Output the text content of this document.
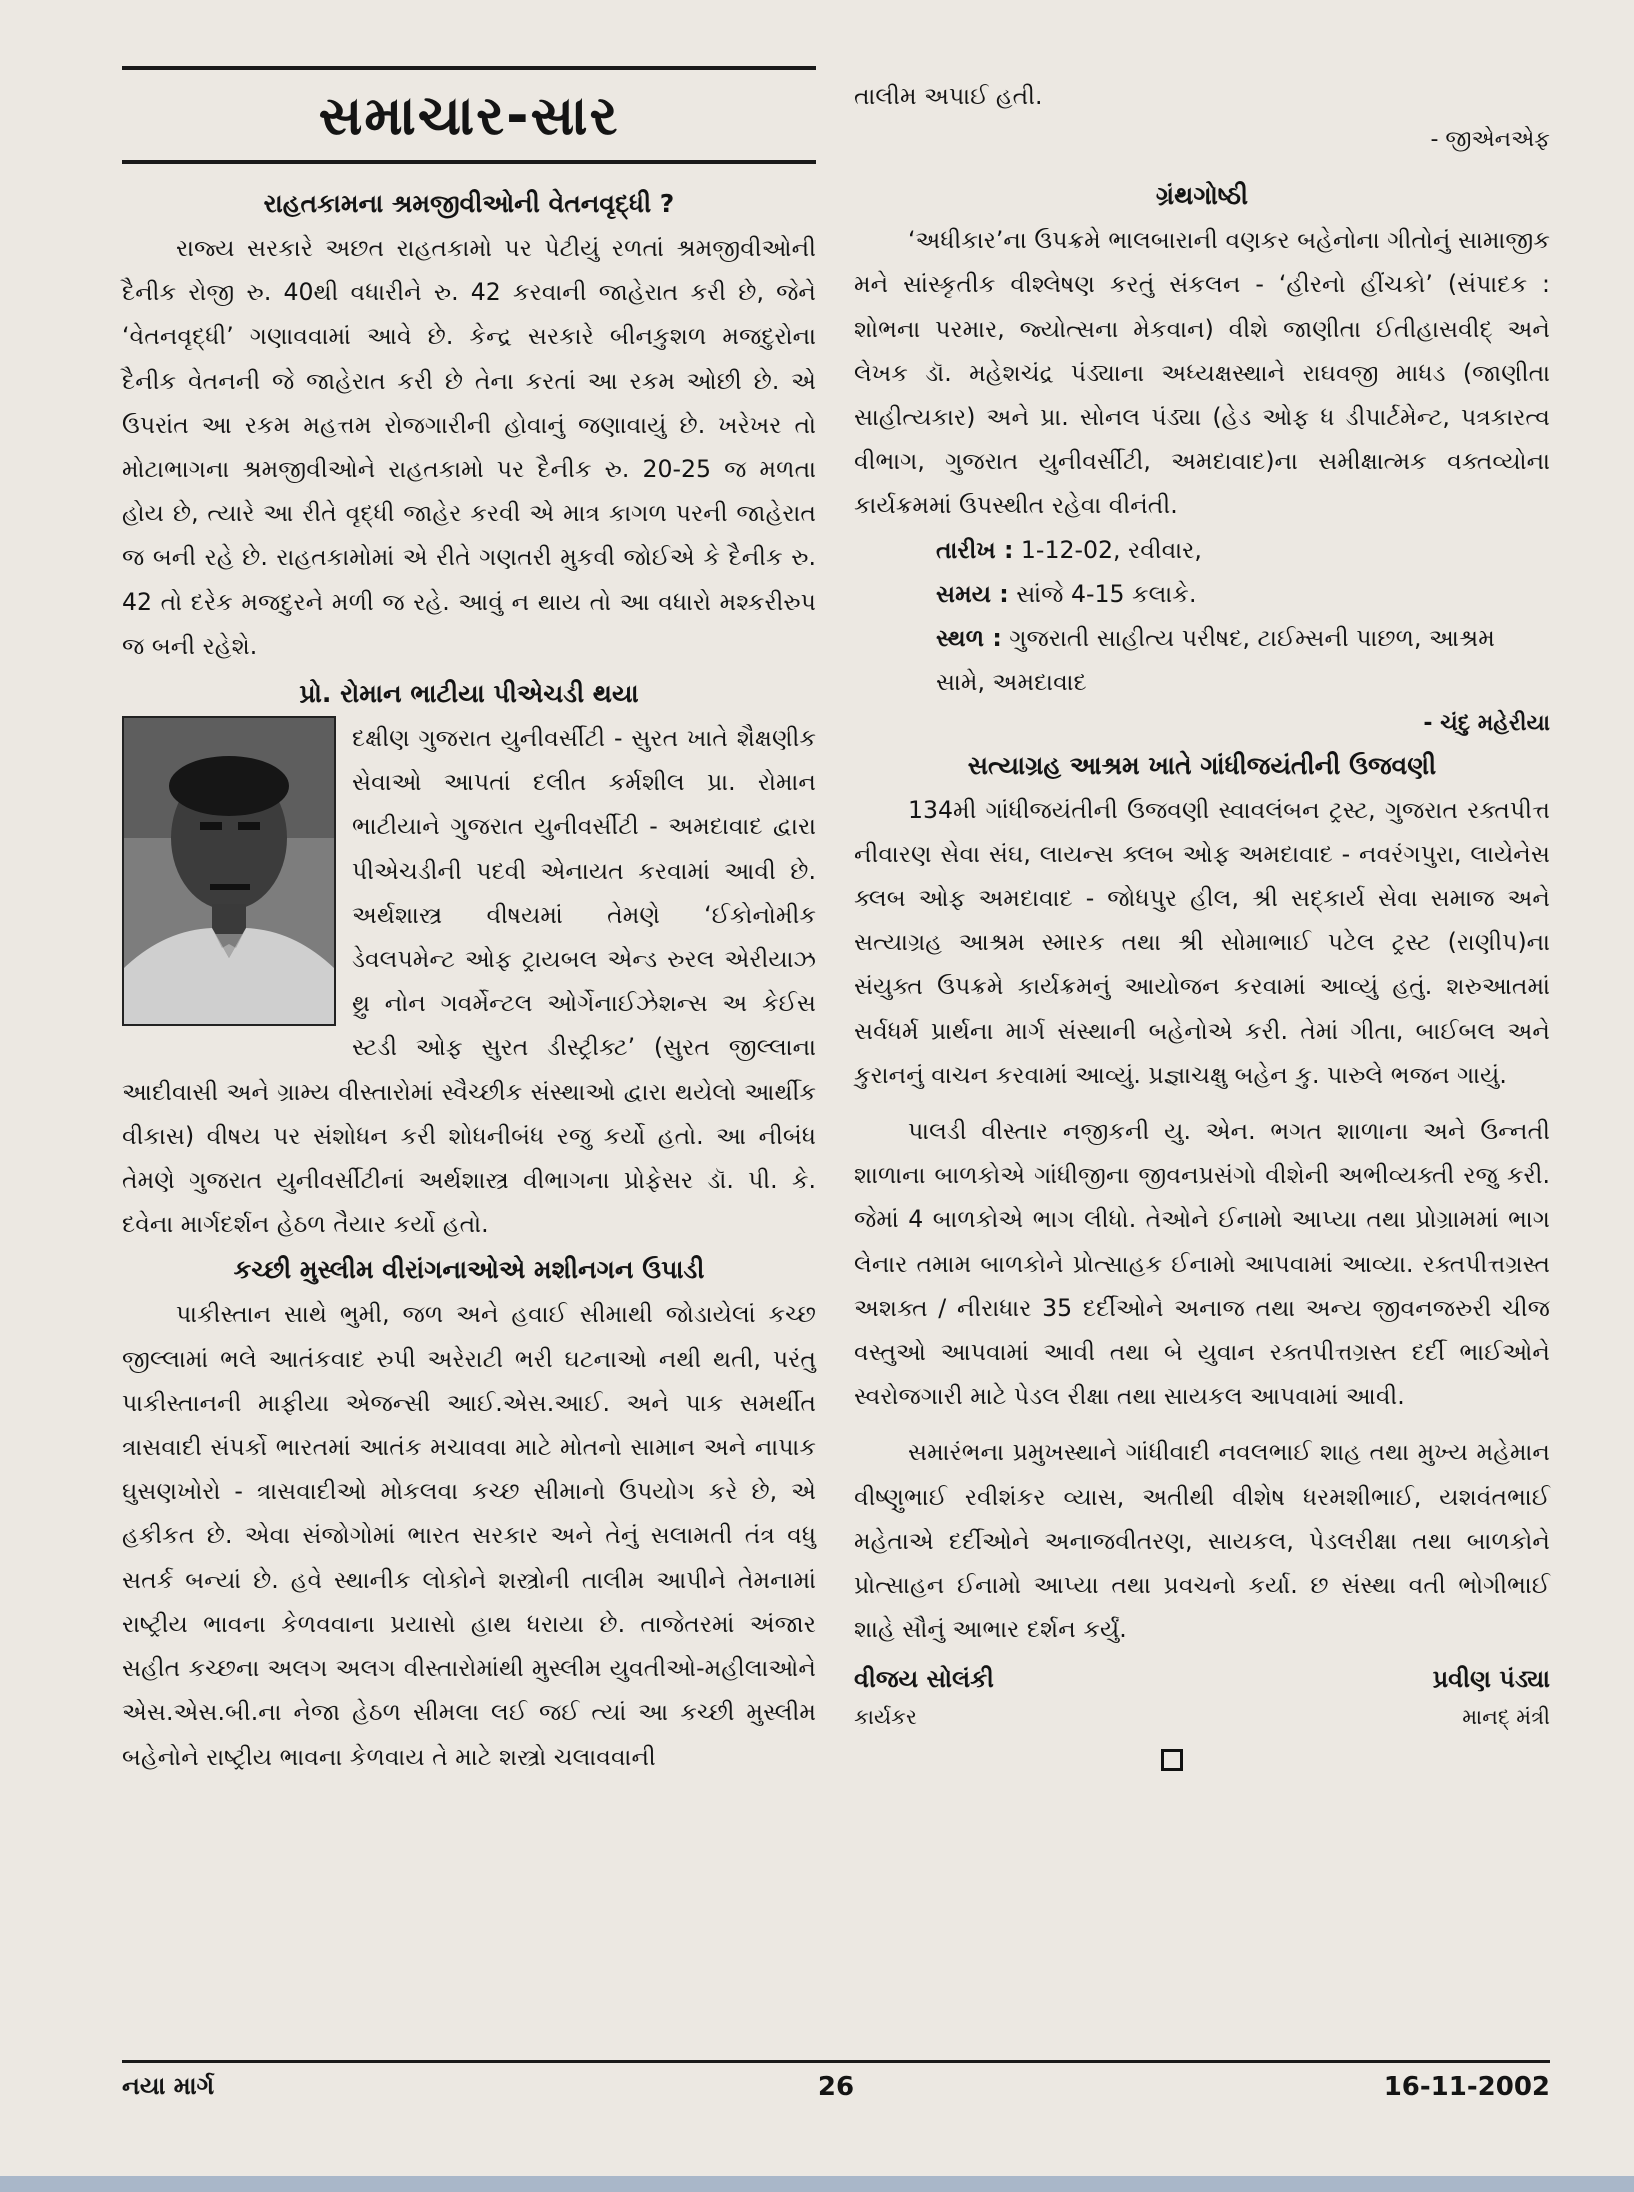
સમાચાર-સાર
રાહતકામના શ્રમજીવીઓની વેતનવૃદ્ધી ?

રાજ્ય સરકારે અછત રાહતકામો પર પેટીયું રળતાં શ્રમજીવીઓની દૈનીક રોજી રુ. 40થી વધારીને રુ. 42 કરવાની જાહેરાત કરી છે, જેને ‘વેતનવૃદ્ધી’ ગણાવવામાં આવે છે. કેન્દ્ર સરકારે બીનકુશળ મજદુરોના દૈનીક વેતનની જે જાહેરાત કરી છે તેના કરતાં આ રકમ ઓછી છે. એ ઉપરાંત આ રકમ મહત્તમ રોજગારીની હોવાનું જણાવાયું છે. ખરેખર તો મોટાભાગના શ્રમજીવીઓને રાહતકામો પર દૈનીક રુ. 20-25 જ મળતા હોય છે, ત્યારે આ રીતે વૃદ્ધી જાહેર કરવી એ માત્ર કાગળ પરની જાહેરાત જ બની રહે છે. રાહતકામોમાં એ રીતે ગણતરી મુકવી જોઈએ કે દૈનીક રુ. 42 તો દરેક મજદુરને મળી જ રહે. આવું ન થાય તો આ વધારો મશ્કરીરુપ જ બની રહેશે.

પ્રો. રોમાન ભાટીયા પીએચડી થયા

દક્ષીણ ગુજરાત યુનીવર્સીટી - સુરત ખાતે શૈક્ષણીક સેવાઓ આપતાં દલીત કર્મશીલ પ્રા. રોમાન ભાટીયાને ગુજરાત યુનીવર્સીટી - અમદાવાદ દ્વારા પીએચડીની પદવી એનાયત કરવામાં આવી છે. અર્થશાસ્ત્ર વીષયમાં તેમણે ‘ઈકોનોમીક ડેવલપમેન્ટ ઓફ ટ્રાયબલ એન્ડ રુરલ એરીયાઝ થ્રુ નોન ગવર્મેન્ટલ ઓર્ગેનાઈઝેશન્સ અ કેઈસ સ્ટડી ઓફ સુરત ડીસ્ટ્રીક્ટ’ (સુરત જીલ્લાના આદીવાસી અને ગ્રામ્ય વીસ્તારોમાં સ્વૈચ્છીક સંસ્થાઓ દ્વારા થયેલો આર્થીક વીકાસ) વીષય પર સંશોધન કરી શોધનીબંધ રજુ કર્યો હતો. આ નીબંધ તેમણે ગુજરાત યુનીવર્સીટીનાં અર્થશાસ્ત્ર વીભાગના પ્રોફેસર ડૉ. પી. કે. દવેના માર્ગદર્શન હેઠળ તૈયાર કર્યો હતો.

કચ્છી મુસ્લીમ વીરાંગનાઓએ મશીનગન ઉપાડી

પાકીસ્તાન સાથે ભુમી, જળ અને હવાઈ સીમાથી જોડાયેલાં કચ્છ જીલ્લામાં ભલે આતંકવાદ રુપી અરેરાટી ભરી ઘટનાઓ નથી થતી, પરંતુ પાકીસ્તાનની માફીયા એજન્સી આઈ.એસ.આઈ. અને પાક સમર્થીત ત્રાસવાદી સંપર્કો ભારતમાં આતંક મચાવવા માટે મોતનો સામાન અને નાપાક ઘુસણખોરો - ત્રાસવાદીઓ મોકલવા કચ્છ સીમાનો ઉપયોગ કરે છે, એ હકીકત છે. એવા સંજોગોમાં ભારત સરકાર અને તેનું સલામતી તંત્ર વધુ સતર્ક બન્યાં છે. હવે સ્થાનીક લોકોને શસ્ત્રોની તાલીમ આપીને તેમનામાં રાષ્ટ્રીય ભાવના કેળવવાના પ્રયાસો હાથ ધરાયા છે. તાજેતરમાં અંજાર સહીત કચ્છના અલગ અલગ વીસ્તારોમાંથી મુસ્લીમ યુવતીઓ-મહીલાઓને એસ.એસ.બી.ના નેજા હેઠળ સીમલા લઈ જઈ ત્યાં આ કચ્છી મુસ્લીમ બહેનોને રાષ્ટ્રીય ભાવના કેળવાય તે માટે શસ્ત્રો ચલાવવાની

તાલીમ અપાઈ હતી.

- જીએનએફ
ગ્રંથગોષ્ઠી

‘અધીકાર’ના ઉપક્રમે ભાલબારાની વણકર બહેનોના ગીતોનું સામાજીક મને સાંસ્કૃતીક વીશ્લેષણ કરતું સંકલન - ‘હીરનો હીંચકો’ (સંપાદક : શોભના પરમાર, જ્યોત્સના મેકવાન) વીશે જાણીતા ઈતીહાસવીદ્ અને લેખક ડૉ. મહેશચંદ્ર પંડ્યાના અધ્યક્ષસ્થાને રાઘવજી માધડ (જાણીતા સાહીત્યકાર) અને પ્રા. સોનલ પંડ્યા (હેડ ઓફ ધ ડીપાર્ટમેન્ટ, પત્રકારત્વ વીભાગ, ગુજરાત યુનીવર્સીટી, અમદાવાદ)ના સમીક્ષાત્મક વક્તવ્યોના કાર્યક્રમમાં ઉપસ્થીત રહેવા વીનંતી.

તારીખ : 1-12-02, રવીવાર,
સમય : સાંજે 4-15 કલાકે.
સ્થળ : ગુજરાતી સાહીત્ય પરીષદ, ટાઈમ્સની પાછળ, આશ્રમ સામે, અમદાવાદ
- ચંદુ મહેરીયા
સત્યાગ્રહ આશ્રમ ખાતે ગાંધીજયંતીની ઉજવણી

134મી ગાંધીજયંતીની ઉજવણી સ્વાવલંબન ટ્રસ્ટ, ગુજરાત રક્તપીત્ત નીવારણ સેવા સંઘ, લાયન્સ ક્લબ ઓફ અમદાવાદ - નવરંગપુરા, લાયેનેસ ક્લબ ઓફ અમદાવાદ - જોધપુર હીલ, શ્રી સદ્કાર્ય સેવા સમાજ અને સત્યાગ્રહ આશ્રમ સ્મારક તથા શ્રી સોમાભાઈ પટેલ ટ્રસ્ટ (રાણીપ)ના સંયુક્ત ઉપક્રમે કાર્યક્રમનું આયોજન કરવામાં આવ્યું હતું. શરુઆતમાં સર્વધર્મ પ્રાર્થના માર્ગ સંસ્થાની બહેનોએ કરી. તેમાં ગીતા, બાઈબલ અને કુરાનનું વાચન કરવામાં આવ્યું. પ્રજ્ઞાચક્ષુ બહેન કુ. પારુલે ભજન ગાયું.

પાલડી વીસ્તાર નજીકની યુ. એન. ભગત શાળાના અને ઉન્નતી શાળાના બાળકોએ ગાંધીજીના જીવનપ્રસંગો વીશેની અભીવ્યક્તી રજુ કરી. જેમાં 4 બાળકોએ ભાગ લીધો. તેઓને ઈનામો આપ્યા તથા પ્રોગ્રામમાં ભાગ લેનાર તમામ બાળકોને પ્રોત્સાહક ઈનામો આપવામાં આવ્યા. રક્તપીત્તગ્રસ્ત અશક્ત / નીરાધાર 35 દર્દીઓને અનાજ તથા અન્ય જીવનજરુરી ચીજ વસ્તુઓ આપવામાં આવી તથા બે યુવાન રક્તપીત્તગ્રસ્ત દર્દી ભાઈઓને સ્વરોજગારી માટે પેડલ રીક્ષા તથા સાયકલ આપવામાં આવી.

સમારંભના પ્રમુખસ્થાને ગાંધીવાદી નવલભાઈ શાહ તથા મુખ્ય મહેમાન વીષ્ણુભાઈ રવીશંકર વ્યાસ, અતીથી વીશેષ ધરમશીભાઈ, યશવંતભાઈ મહેતાએ દર્દીઓને અનાજવીતરણ, સાયકલ, પેડલરીક્ષા તથા બાળકોને પ્રોત્સાહન ઈનામો આપ્યા તથા પ્રવચનો કર્યા. છ સંસ્થા વતી ભોગીભાઈ શાહે સૌનું આભાર દર્શન કર્યું.

વીજય સોલંકી	પ્રવીણ પંડ્યા
કાર્યકર	માનદ્ મંત્રી
નયા માર્ગ	26	16-11-2002
